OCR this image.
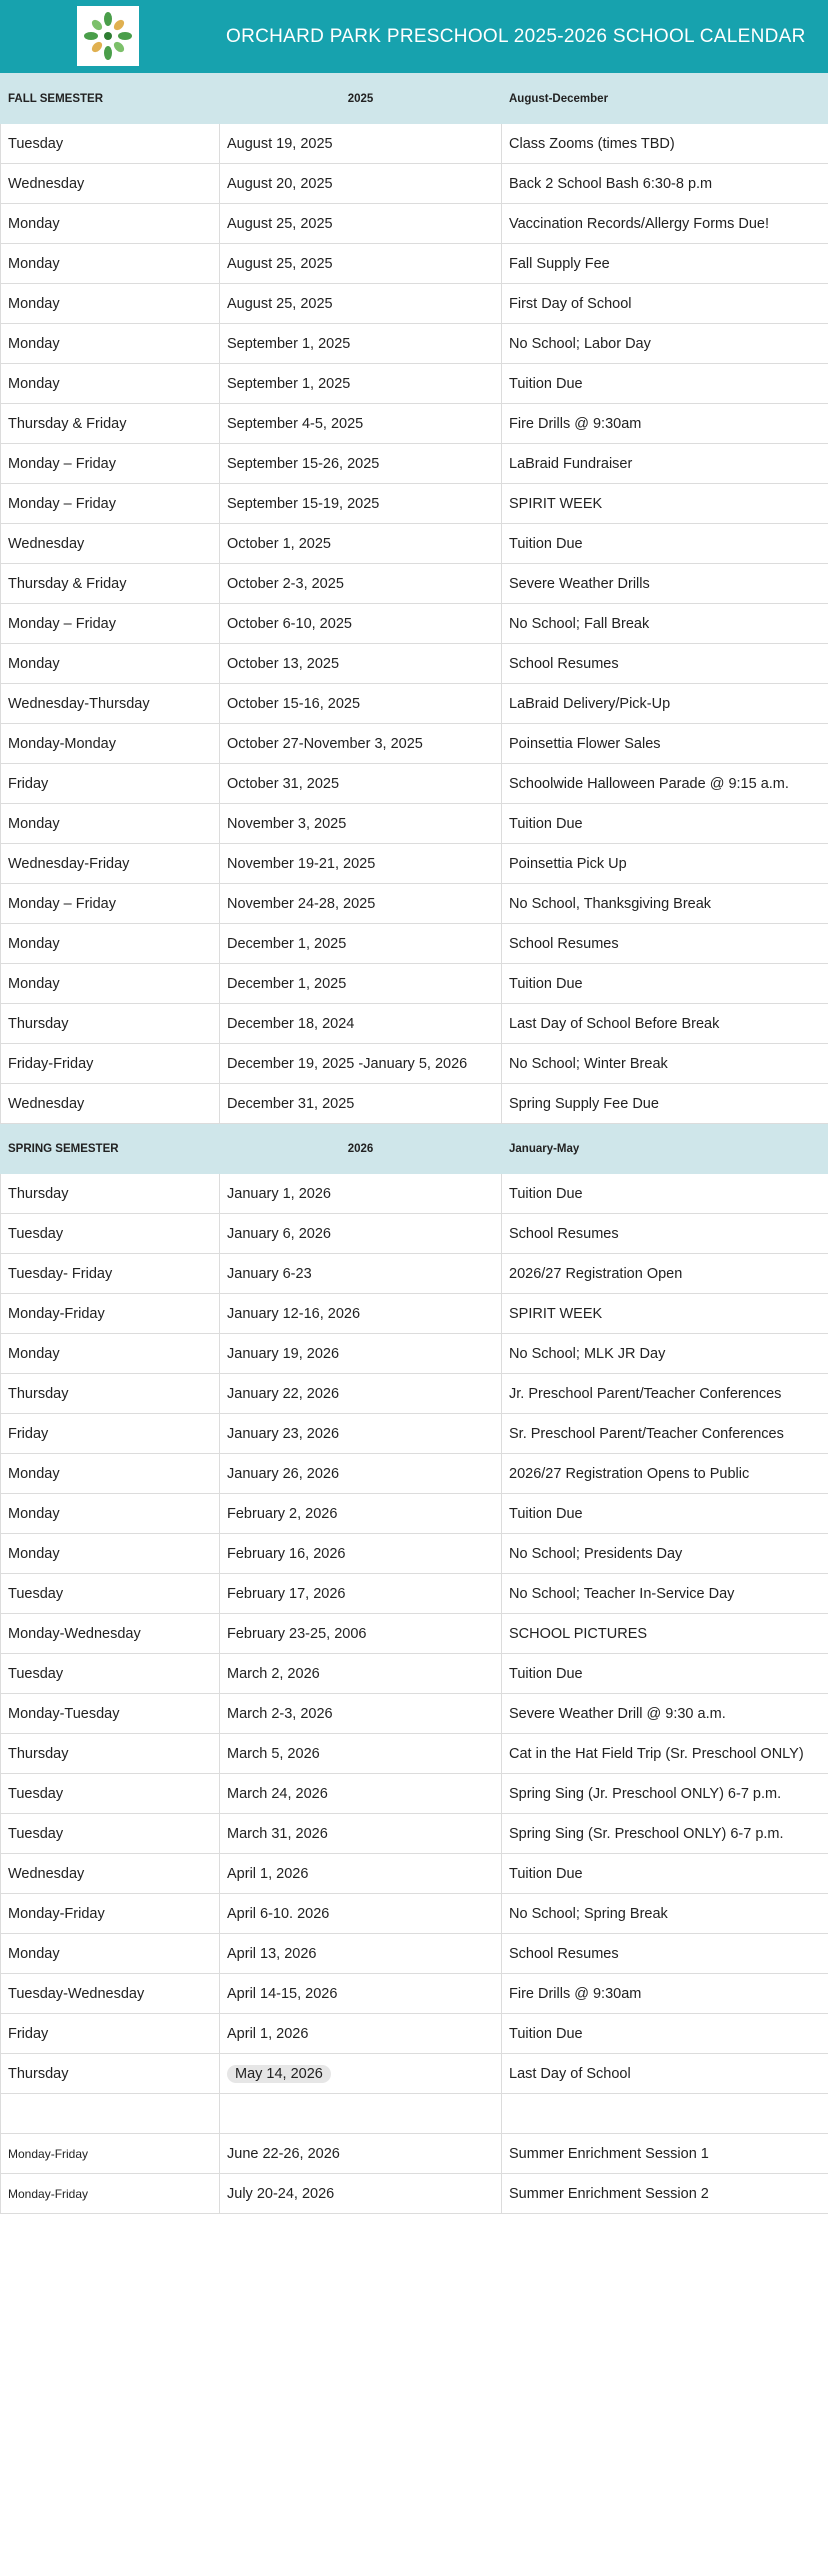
ORCHARD PARK PRESCHOOL 2025-2026 SCHOOL CALENDAR
FALL SEMESTER	2025	August-December
Tuesday	August 19, 2025	Class Zooms (times TBD)
Wednesday	August 20, 2025	Back 2 School Bash 6:30-8 p.m
Monday	August 25, 2025	Vaccination Records/Allergy Forms Due!
Monday	August 25, 2025	Fall Supply Fee
Monday	August 25, 2025	First Day of School
Monday	September 1, 2025	No School; Labor Day
Monday	September 1, 2025	Tuition Due
Thursday & Friday	September 4-5, 2025	Fire Drills @ 9:30am
Monday – Friday	September 15-26, 2025	LaBraid Fundraiser
Monday – Friday	September 15-19, 2025	SPIRIT WEEK
Wednesday	October 1, 2025	Tuition Due
Thursday & Friday	October 2-3, 2025	Severe Weather Drills
Monday – Friday	October 6-10, 2025	No School; Fall Break
Monday	October 13, 2025	School Resumes
Wednesday-Thursday	October 15-16, 2025	LaBraid Delivery/Pick-Up
Monday-Monday	October 27-November 3, 2025	Poinsettia Flower Sales
Friday	October 31, 2025	Schoolwide Halloween Parade @ 9:15 a.m.
Monday	November 3, 2025	Tuition Due
Wednesday-Friday	November 19-21, 2025	Poinsettia Pick Up
Monday – Friday	November 24-28, 2025	No School, Thanksgiving Break
Monday	December 1, 2025	School Resumes
Monday	December 1, 2025	Tuition Due
Thursday	December 18, 2024	Last Day of School Before Break
Friday-Friday	December 19, 2025 -January 5, 2026	No School; Winter Break
Wednesday	December 31, 2025	Spring Supply Fee Due
SPRING SEMESTER	2026	January-May
Thursday	January 1, 2026	Tuition Due
Tuesday	January 6, 2026	School Resumes
Tuesday- Friday	January 6-23	2026/27 Registration Open
Monday-Friday	January 12-16, 2026	SPIRIT WEEK
Monday	January 19, 2026	No School; MLK JR Day
Thursday	January 22, 2026	Jr. Preschool Parent/Teacher Conferences
Friday	January 23, 2026	Sr. Preschool Parent/Teacher Conferences
Monday	January 26, 2026	2026/27 Registration Opens to Public
Monday	February 2, 2026	Tuition Due
Monday	February 16, 2026	No School; Presidents Day
Tuesday	February 17, 2026	No School; Teacher In-Service Day
Monday-Wednesday	February 23-25, 2006	SCHOOL PICTURES
Tuesday	March 2, 2026	Tuition Due
Monday-Tuesday	March 2-3, 2026	Severe Weather Drill @ 9:30 a.m.
Thursday	March 5, 2026	Cat in the Hat Field Trip (Sr. Preschool ONLY)
Tuesday	March 24, 2026	Spring Sing (Jr. Preschool ONLY) 6-7 p.m.
Tuesday	March 31, 2026	Spring Sing (Sr. Preschool ONLY) 6-7 p.m.
Wednesday	April 1, 2026	Tuition Due
Monday-Friday	April 6-10. 2026	No School; Spring Break
Monday	April 13, 2026	School Resumes
Tuesday-Wednesday	April 14-15, 2026	Fire Drills @ 9:30am
Friday	April 1, 2026	Tuition Due
Thursday	May 14, 2026	Last Day of School

Monday-Friday	June 22-26, 2026	Summer Enrichment Session 1
Monday-Friday	July 20-24, 2026	Summer Enrichment Session 2
